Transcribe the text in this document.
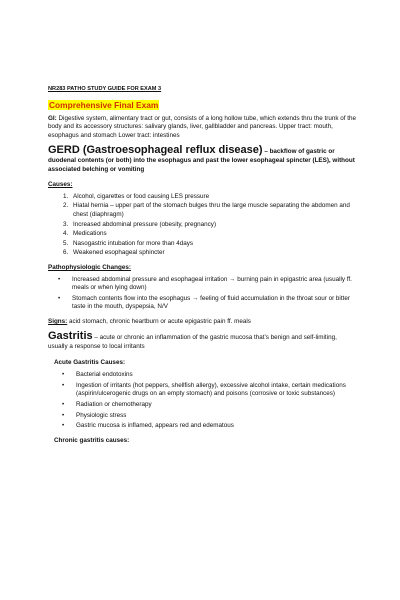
NR283 PATHO STUDY GUIDE FOR EXAM 3
Comprehensive Final Exam

GI: Digestive system, alimentary tract or gut, consists of a long hollow tube, which extends thru the trunk of the body and its accessory structures: salivary glands, liver, gallbladder and pancreas. Upper tract: mouth, esophagus and stomach Lower tract: intestines

GERD (Gastroesophageal reflux disease) – backflow of gastric or duodenal contents (or both) into the esophagus and past the lower esophageal spincter (LES), without associated belching or vomiting

Causes:
1. Alcohol, cigarettes or food causing LES pressure
2. Hiatal hernia – upper part of the stomach bulges thru the large muscle separating the abdomen and chest (diaphragm)
3. Increased abdominal pressure (obesity, pregnancy)
4. Medications
5. Nasogastric intubation for more than 4days
6. Weakened esophageal sphincter
Pathophysiologic Changes:
• Increased abdominal pressure and esophageal irritation → burning pain in epigastric area (usually ff. meals or when lying down)
• Stomach contents flow into the esophagus → feeling of fluid accumulation in the throat sour or bitter taste in the mouth, dyspepsia, N/V

Signs: acid stomach, chronic heartburn or acute epigastric pain ff. meals

Gastritis – acute or chronic an inflammation of the gastric mucosa that’s benign and self-limiting, usually a response to local irritants

Acute Gastritis Causes:
• Bacterial endotoxins
• Ingestion of irritants (hot peppers, shellfish allergy), excessive alcohol intake, certain medications (aspirin/ulcerogenic drugs on an empty stomach) and poisons (corrosive or toxic substances)
• Radiation or chemotherapy
• Physiologic stress
• Gastric mucosa is inflamed, appears red and edematous
Chronic gastritis causes:
